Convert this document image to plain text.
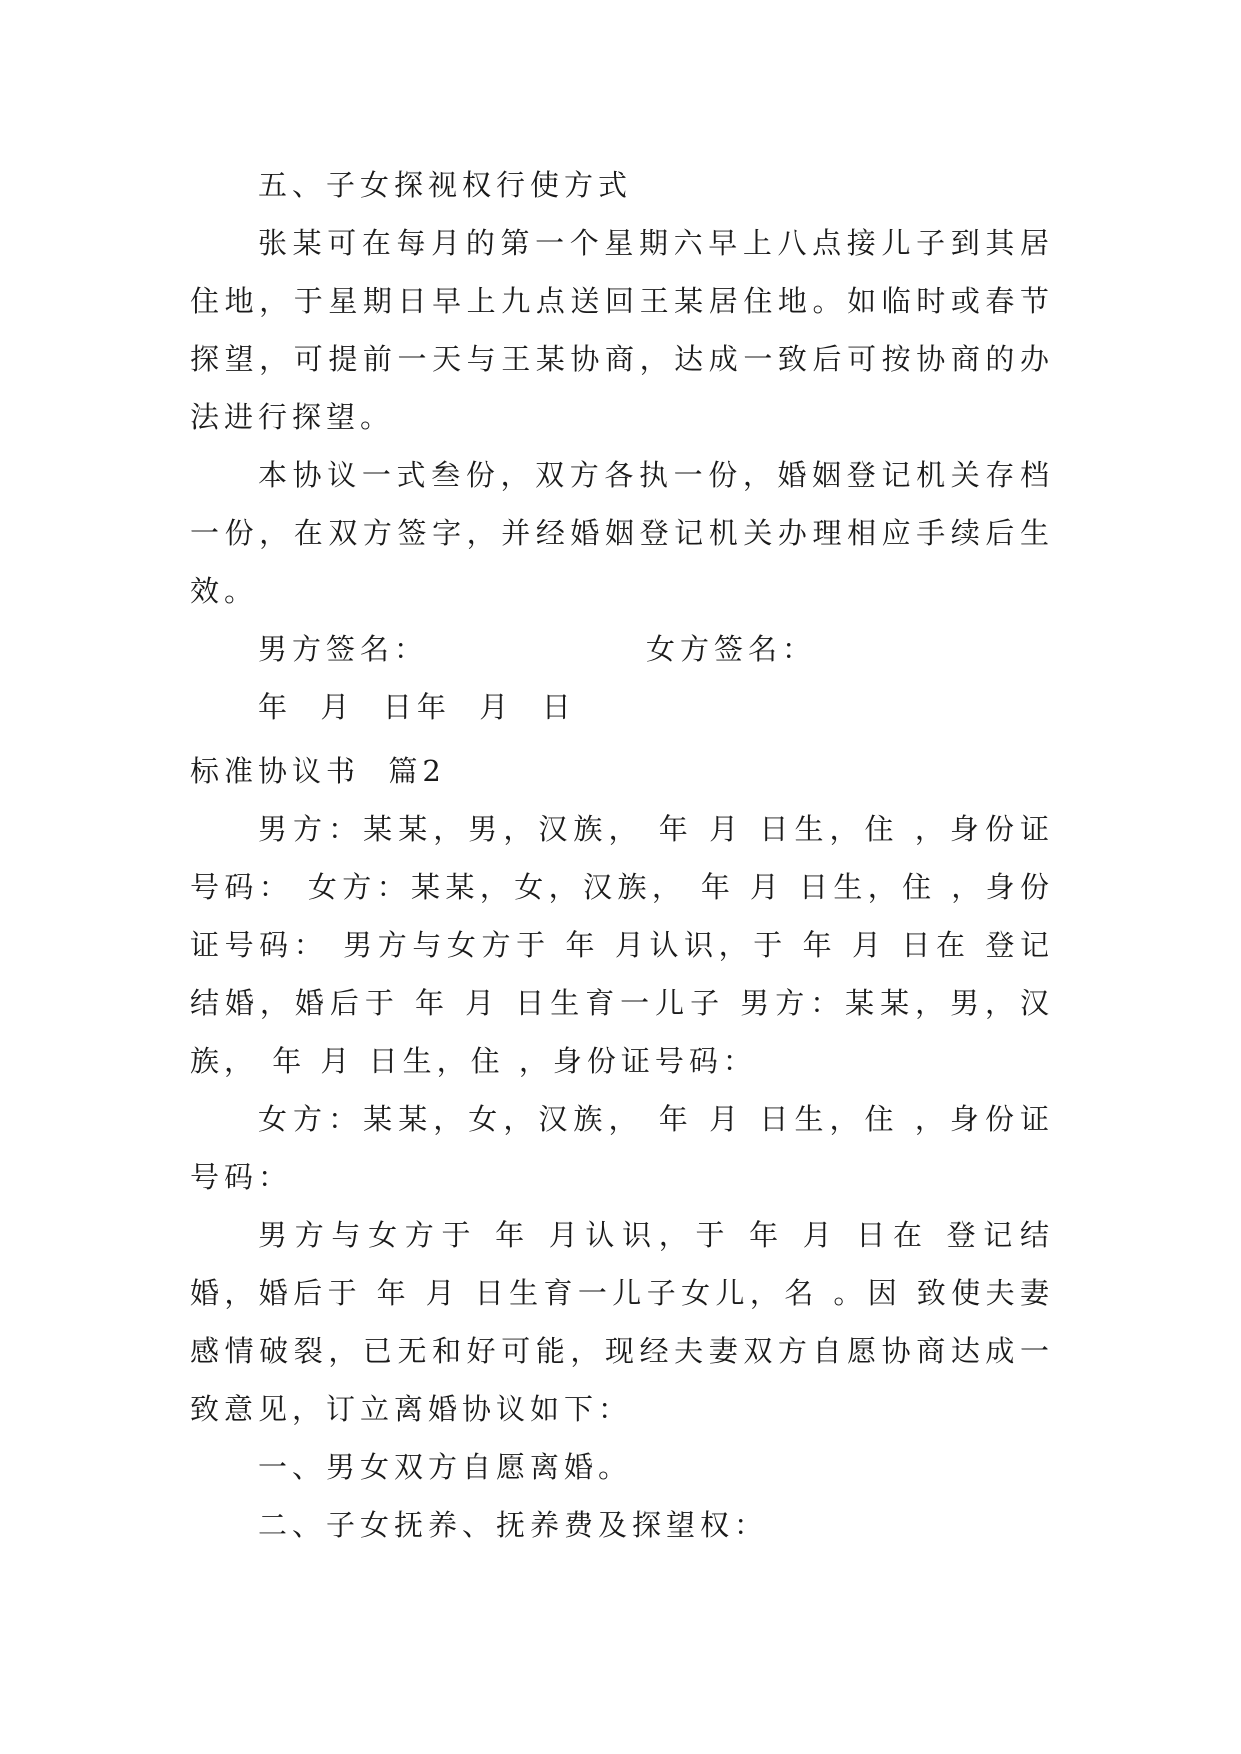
五、子女探视权行使方式

张某可在每月的第一个星期六早上八点接儿子到其居住地，于星期日早上九点送回王某居住地。如临时或春节探望，可提前一天与王某协商，达成一致后可按协商的办法进行探望。

本协议一式叁份，双方各执一份，婚姻登记机关存档一份，在双方签字，并经婚姻登记机关办理相应手续后生效。

男方签名：	女方签名：

年  月  日年  月  日

标准协议书  篇2

男方：某某，男，汉族， 年 月 日生，住 ，身份证号码： 女方：某某，女，汉族， 年 月 日生，住 ，身份证号码： 男方与女方于 年 月认识，于 年 月 日在 登记结婚，婚后于 年 月 日生育一儿子 男方：某某，男，汉族， 年 月 日生，住 ，身份证号码：

女方：某某，女，汉族， 年 月 日生，住 ，身份证号码：

男方与女方于 年 月认识，于 年 月 日在 登记结婚，婚后于 年 月 日生育一儿子女儿，名 。因 致使夫妻感情破裂，已无和好可能，现经夫妻双方自愿协商达成一致意见，订立离婚协议如下：

一、男女双方自愿离婚。

二、子女抚养、抚养费及探望权：
